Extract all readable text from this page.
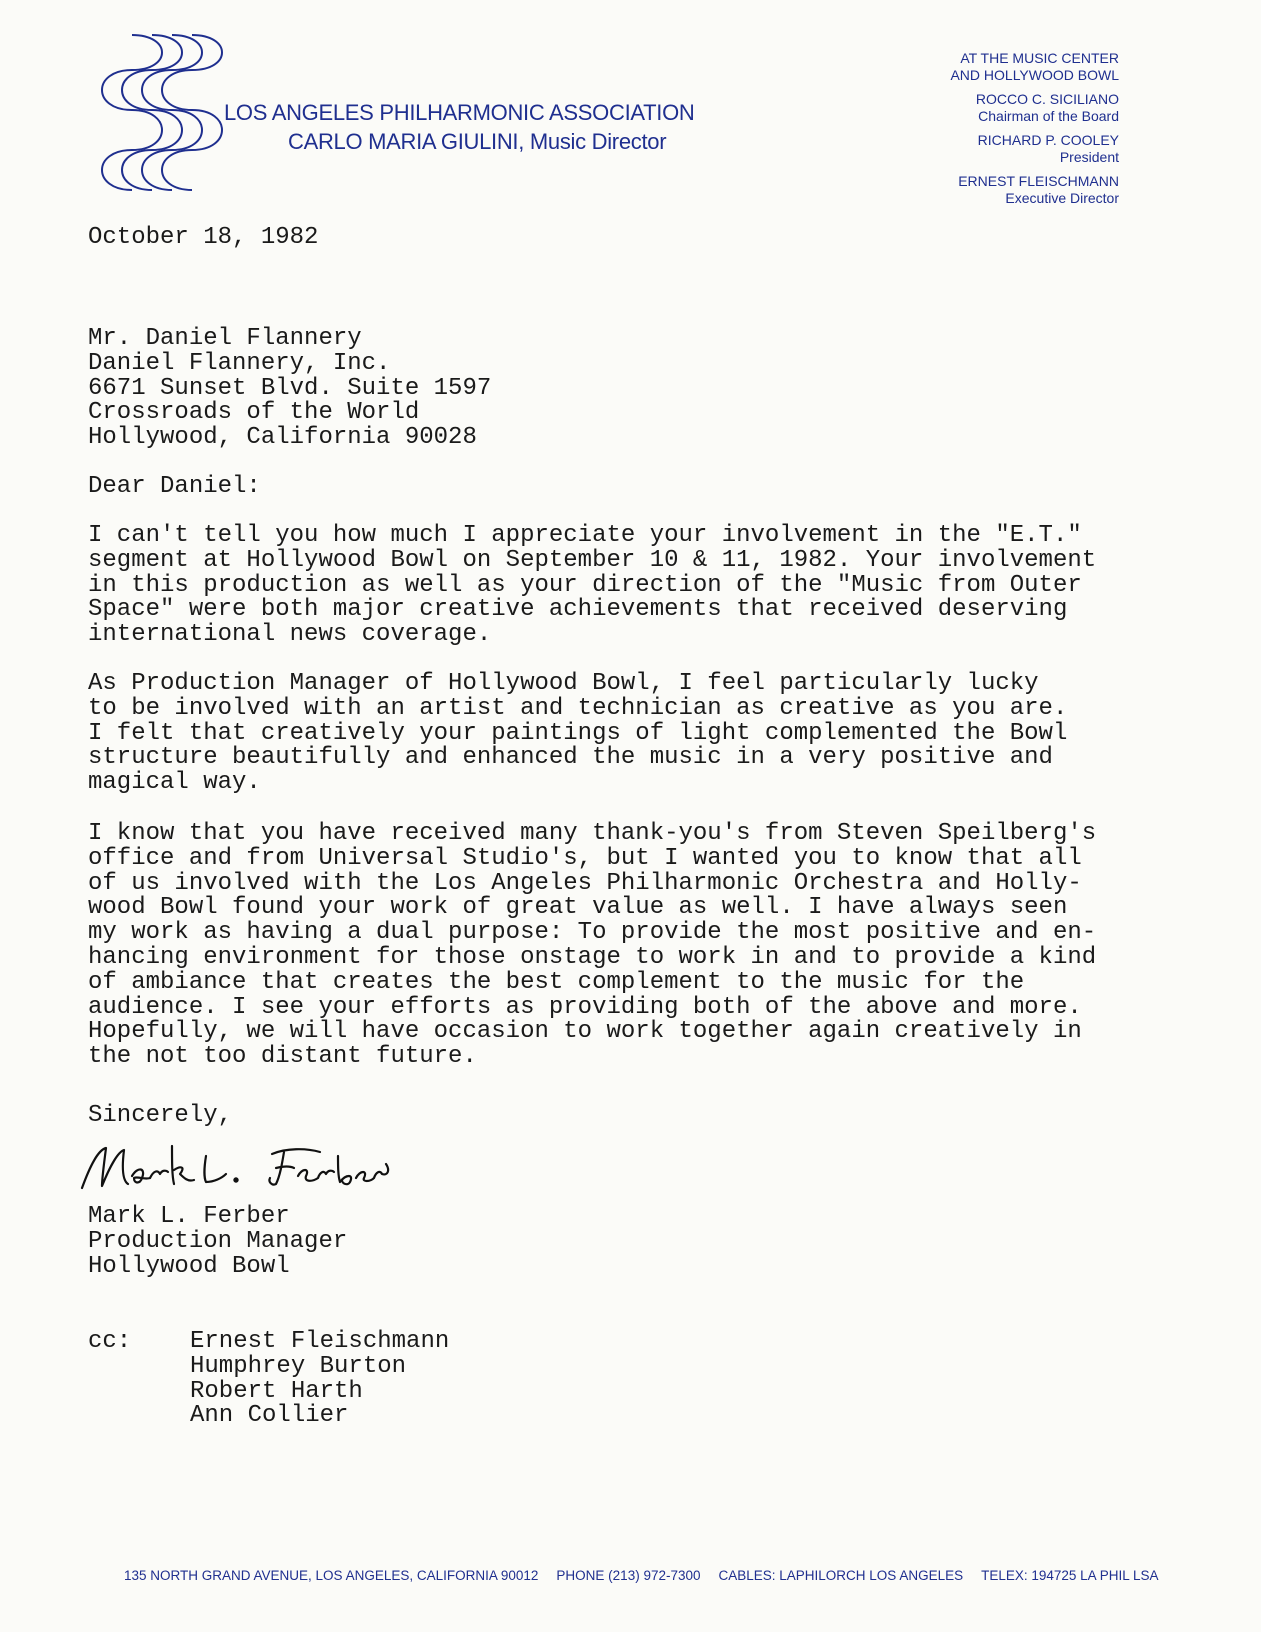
LOS ANGELES PHILHARMONIC ASSOCIATION
CARLO MARIA GIULINI, Music Director
AT THE MUSIC CENTER
AND HOLLYWOOD BOWL
ROCCO C. SICILIANO
Chairman of the Board
RICHARD P. COOLEY
President
ERNEST FLEISCHMANN
Executive Director
October 18, 1982
Mr. Daniel Flannery
Daniel Flannery, Inc.
6671 Sunset Blvd. Suite 1597
Crossroads of the World
Hollywood, California 90028
Dear Daniel:
I can't tell you how much I appreciate your involvement in the "E.T."
segment at Hollywood Bowl on September 10 & 11, 1982. Your involvement
in this production as well as your direction of the "Music from Outer
Space" were both major creative achievements that received deserving
international news coverage.
As Production Manager of Hollywood Bowl, I feel particularly lucky
to be involved with an artist and technician as creative as you are.
I felt that creatively your paintings of light complemented the Bowl
structure beautifully and enhanced the music in a very positive and
magical way.
I know that you have received many thank-you's from Steven Speilberg's
office and from Universal Studio's, but I wanted you to know that all
of us involved with the Los Angeles Philharmonic Orchestra and Holly-
wood Bowl found your work of great value as well. I have always seen
my work as having a dual purpose: To provide the most positive and en-
hancing environment for those onstage to work in and to provide a kind
of ambiance that creates the best complement to the music for the
audience. I see your efforts as providing both of the above and more.
Hopefully, we will have occasion to work together again creatively in
the not too distant future.
Sincerely,
Mark L. Ferber
Production Manager
Hollywood Bowl
cc: Ernest Fleischmann
Humphrey Burton
Robert Harth
Ann Collier
135 NORTH GRAND AVENUE, LOS ANGELES, CALIFORNIA 90012 PHONE (213) 972-7300 CABLES: LAPHILORCH LOS ANGELES TELEX: 194725 LA PHIL LSA
